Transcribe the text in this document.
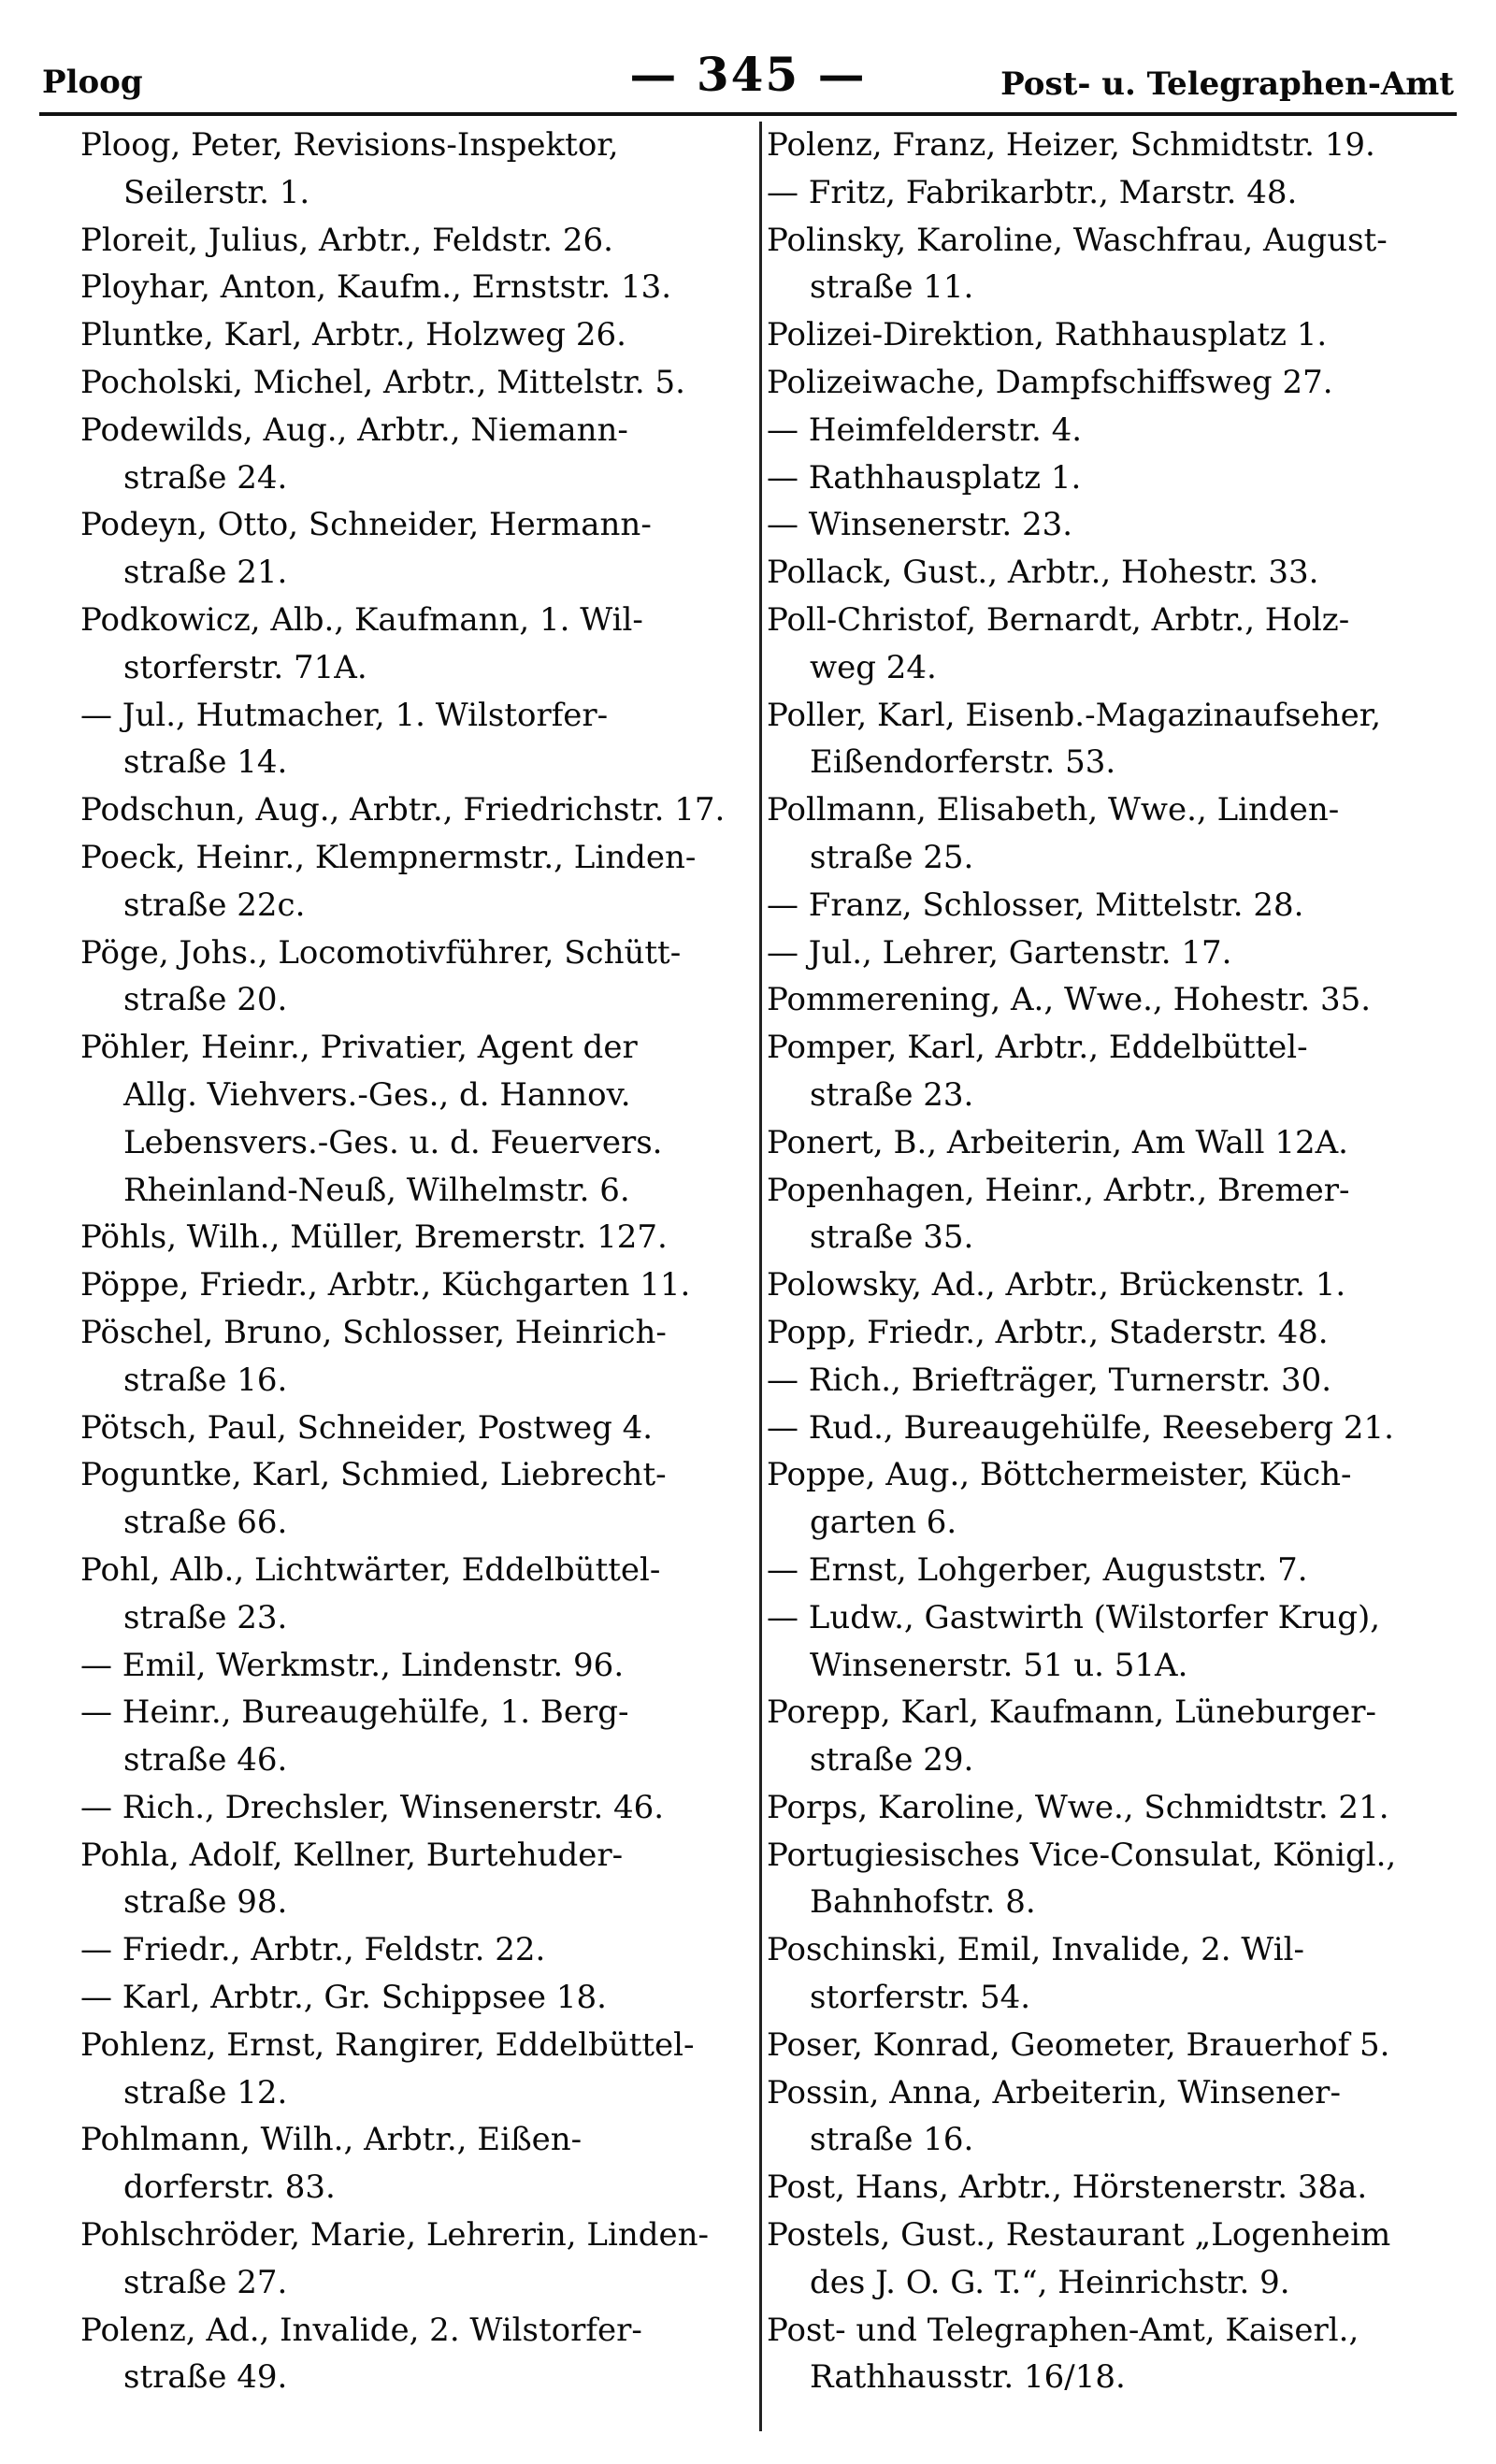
Ploog	— 345 —	Post- u. Telegraphen-Amt
Ploog, Peter, Revisions-Inspektor,
Seilerstr. 1.
Ploreit, Julius, Arbtr., Feldstr. 26.
Ployhar, Anton, Kaufm., Ernststr. 13.
Pluntke, Karl, Arbtr., Holzweg 26.
Pocholski, Michel, Arbtr., Mittelstr. 5.
Podewilds, Aug., Arbtr., Niemann-
straße 24.
Podeyn, Otto, Schneider, Hermann-
straße 21.
Podkowicz, Alb., Kaufmann, 1. Wil-
storferstr. 71A.
— Jul., Hutmacher, 1. Wilstorfer-
straße 14.
Podschun, Aug., Arbtr., Friedrichstr. 17.
Poeck, Heinr., Klempnermstr., Linden-
straße 22c.
Pöge, Johs., Locomotivführer, Schütt-
straße 20.
Pöhler, Heinr., Privatier, Agent der
Allg. Viehvers.-Ges., d. Hannov.
Lebensvers.-Ges. u. d. Feuervers.
Rheinland-Neuß, Wilhelmstr. 6.
Pöhls, Wilh., Müller, Bremerstr. 127.
Pöppe, Friedr., Arbtr., Küchgarten 11.
Pöschel, Bruno, Schlosser, Heinrich-
straße 16.
Pötsch, Paul, Schneider, Postweg 4.
Poguntke, Karl, Schmied, Liebrecht-
straße 66.
Pohl, Alb., Lichtwärter, Eddelbüttel-
straße 23.
— Emil, Werkmstr., Lindenstr. 96.
— Heinr., Bureaugehülfe, 1. Berg-
straße 46.
— Rich., Drechsler, Winsenerstr. 46.
Pohla, Adolf, Kellner, Burtehuder-
straße 98.
— Friedr., Arbtr., Feldstr. 22.
— Karl, Arbtr., Gr. Schippsee 18.
Pohlenz, Ernst, Rangirer, Eddelbüttel-
straße 12.
Pohlmann, Wilh., Arbtr., Eißen-
dorferstr. 83.
Pohlschröder, Marie, Lehrerin, Linden-
straße 27.
Polenz, Ad., Invalide, 2. Wilstorfer-
straße 49.
Polenz, Franz, Heizer, Schmidtstr. 19.
— Fritz, Fabrikarbtr., Marstr. 48.
Polinsky, Karoline, Waschfrau, August-
straße 11.
Polizei-Direktion, Rathhausplatz 1.
Polizeiwache, Dampfschiffsweg 27.
— Heimfelderstr. 4.
— Rathhausplatz 1.
— Winsenerstr. 23.
Pollack, Gust., Arbtr., Hohestr. 33.
Poll-Christof, Bernardt, Arbtr., Holz-
weg 24.
Poller, Karl, Eisenb.-Magazinaufseher,
Eißendorferstr. 53.
Pollmann, Elisabeth, Wwe., Linden-
straße 25.
— Franz, Schlosser, Mittelstr. 28.
— Jul., Lehrer, Gartenstr. 17.
Pommerening, A., Wwe., Hohestr. 35.
Pomper, Karl, Arbtr., Eddelbüttel-
straße 23.
Ponert, B., Arbeiterin, Am Wall 12A.
Popenhagen, Heinr., Arbtr., Bremer-
straße 35.
Polowsky, Ad., Arbtr., Brückenstr. 1.
Popp, Friedr., Arbtr., Staderstr. 48.
— Rich., Briefträger, Turnerstr. 30.
— Rud., Bureaugehülfe, Reeseberg 21.
Poppe, Aug., Böttchermeister, Küch-
garten 6.
— Ernst, Lohgerber, Auguststr. 7.
— Ludw., Gastwirth (Wilstorfer Krug),
Winsenerstr. 51 u. 51A.
Porepp, Karl, Kaufmann, Lüneburger-
straße 29.
Porps, Karoline, Wwe., Schmidtstr. 21.
Portugiesisches Vice-Consulat, Königl.,
Bahnhofstr. 8.
Poschinski, Emil, Invalide, 2. Wil-
storferstr. 54.
Poser, Konrad, Geometer, Brauerhof 5.
Possin, Anna, Arbeiterin, Winsener-
straße 16.
Post, Hans, Arbtr., Hörstenerstr. 38a.
Postels, Gust., Restaurant „Logenheim
des J. O. G. T.“, Heinrichstr. 9.
Post- und Telegraphen-Amt, Kaiserl.,
Rathhausstr. 16/18.
